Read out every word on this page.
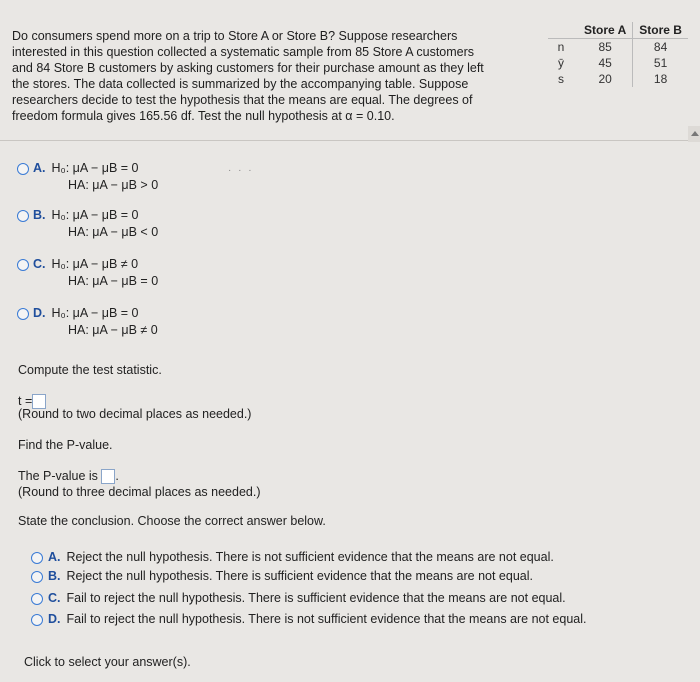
Do consumers spend more on a trip to Store A or Store B? Suppose researchers interested in this question collected a systematic sample from 85 Store A customers and 84 Store B customers by asking customers for their purchase amount as they left the stores. The data collected is summarized by the accompanying table. Suppose researchers decide to test the hypothesis that the means are equal. The degrees of freedom formula gives 165.56 df. Test the null hypothesis at α = 0.10.
	Store A	Store B
n	85	84
ȳ	45	51
s	20	18
· · ·
A. H₀: μA − μB = 0
HA: μA − μB > 0
B. H₀: μA − μB = 0
HA: μA − μB < 0
C. H₀: μA − μB ≠ 0
HA: μA − μB = 0
D. H₀: μA − μB = 0
HA: μA − μB ≠ 0
Compute the test statistic.
t =
(Round to two decimal places as needed.)
Find the P-value.
The P-value is .
(Round to three decimal places as needed.)
State the conclusion. Choose the correct answer below.
A. Reject the null hypothesis. There is not sufficient evidence that the means are not equal.
B. Reject the null hypothesis. There is sufficient evidence that the means are not equal.
C. Fail to reject the null hypothesis. There is sufficient evidence that the means are not equal.
D. Fail to reject the null hypothesis. There is not sufficient evidence that the means are not equal.
Click to select your answer(s).
